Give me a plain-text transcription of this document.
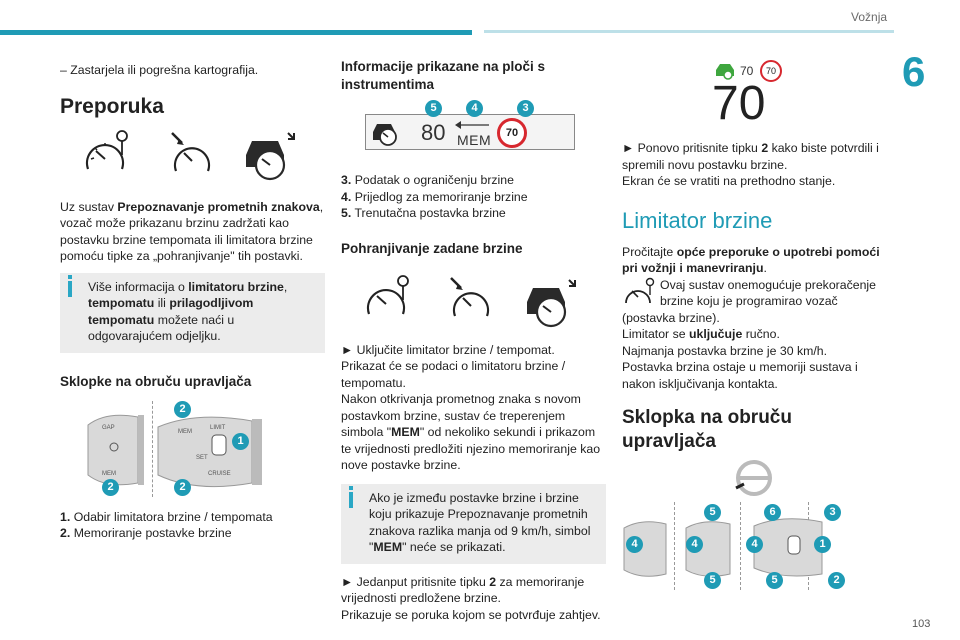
Vožnja
6
103
– Zastarjela ili pogrešna kartografija.
Preporuka
Uz sustav Prepoznavanje prometnih znakova, vozač može prikazanu brzinu zadržati kao postavku brzine tempomata ili limitatora brzine pomoću tipke za „pohranjivanje" tih postavki.
Više informacija o limitatoru brzine, tempomatu ili prilagodljivom tempomatu možete naći u odgovarajućem odjeljku.
Sklopke na obruču upravljača
GAP
MEM
MEM
LIMIT
SET
CRUISE
2
1
2	2
1. Odabir limitatora brzine / tempomata
2. Memoriranje postavke brzine
Informacije prikazane na ploči s instrumentima
80 MEM	70
5	4	3
3. Podatak o ograničenju brzine
4. Prijedlog za memoriranje brzine
5. Trenutačna postavka brzine
Pohranjivanje zadane brzine
► Uključite limitator brzine / tempomat.
Prikazat će se podaci o limitatoru brzine / tempomatu.
Nakon otkrivanja prometnog znaka s novom postavkom brzine, sustav će treperenjem simbola "MEM" od nekoliko sekundi i prikazom te vrijednosti predložiti njezino memoriranje kao nove postavke brzine.
Ako je između postavke brzine i brzine koju prikazuje Prepoznavanje prometnih znakova razlika manja od 9 km/h, simbol "MEM" neće se prikazati.
► Jedanput pritisnite tipku 2 za memoriranje vrijednosti predložene brzine.
Prikazuje se poruka kojom se potvrđuje zahtjev.
70	70
70
► Ponovo pritisnite tipku 2 kako biste potvrdili i spremili novu postavku brzine.
Ekran će se vratiti na prethodno stanje.
Limitator brzine
Pročitajte opće preporuke o upotrebi pomoći pri vožnji i manevriranju.
Ovaj sustav onemogućuje prekoračenje brzine koju je programirao vozač (postavka brzine).
Limitator se uključuje ručno.
Najmanja postavka brzine je 30 km/h.
Postavka brzina ostaje u memoriji sustava i nakon isključivanja kontakta.
Sklopka na obruču upravljača
5
4	4
5
6	3
4	1
5	2
